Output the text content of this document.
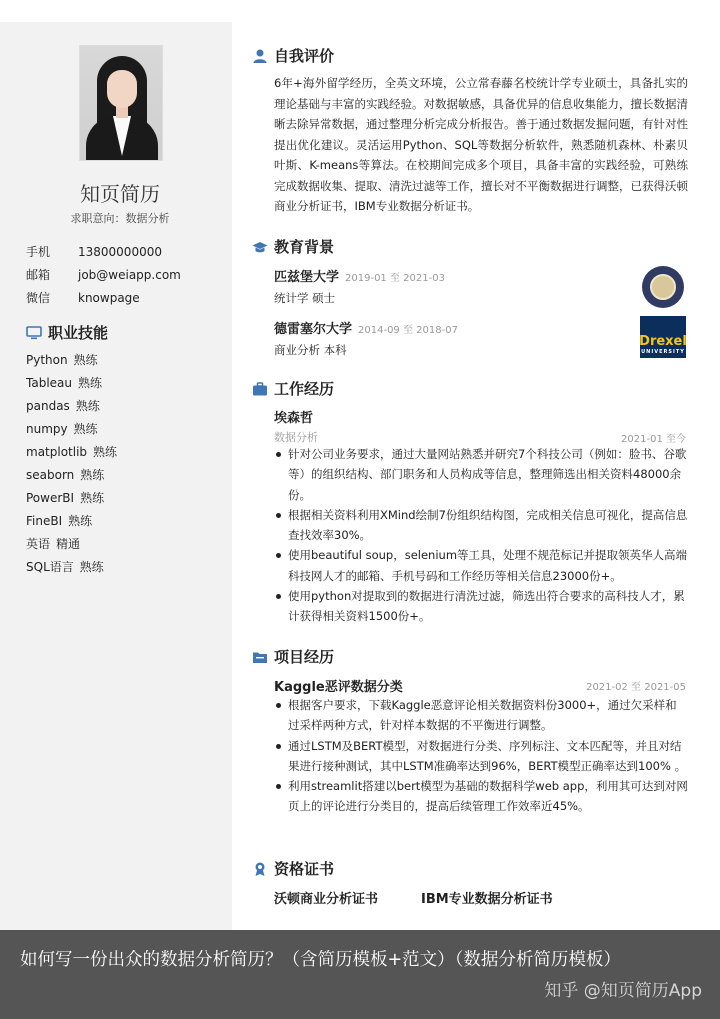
知页简历
求职意向：数据分析
手机 13800000000
邮箱 job@weiapp.com
微信 knowpage
职业技能
Python 熟练
Tableau 熟练
pandas 熟练
numpy 熟练
matplotlib 熟练
seaborn 熟练
PowerBI 熟练
FineBI 熟练
英语 精通
SQL语言 熟练
自我评价
6年+海外留学经历，全英文环境，公立常春藤名校统计学专业硕士，具备扎实的理论基础与丰富的实践经验。对数据敏感，具备优异的信息收集能力，擅长数据清晰去除异常数据，通过整理分析完成分析报告。善于通过数据发掘问题，有针对性提出优化建议。灵活运用Python、SQL等数据分析软件，熟悉随机森林、朴素贝叶斯、K-means等算法。在校期间完成多个项目，具备丰富的实践经验，可熟练完成数据收集、提取、清洗过滤等工作，擅长对不平衡数据进行调整，已获得沃顿商业分析证书，IBM专业数据分析证书。
教育背景
匹兹堡大学 2019-01 至 2021-03
统计学 硕士
德雷塞尔大学 2014-09 至 2018-07
商业分析 本科
Drexel
UNIVERSITY
工作经历
埃森哲
数据分析	2021-01 至今
针对公司业务要求，通过大量网站熟悉并研究7个科技公司（例如：脸书、谷歌等）的组织结构、部门职务和人员构成等信息，整理筛选出相关资料48000余份。
根据相关资料利用XMind绘制7份组织结构图，完成相关信息可视化，提高信息查找效率30%。
使用beautiful soup，selenium等工具，处理不规范标记并提取领英华人高端科技网人才的邮箱、手机号码和工作经历等相关信息23000份+。
使用python对提取到的数据进行清洗过滤，筛选出符合要求的高科技人才，累计获得相关资料1500份+。
项目经历
Kaggle恶评数据分类	2021-02 至 2021-05
根据客户要求，下载Kaggle恶意评论相关数据资料份3000+，通过欠采样和过采样两种方式，针对样本数据的不平衡进行调整。
通过LSTM及BERT模型，对数据进行分类、序列标注、文本匹配等，并且对结果进行接种测试，其中LSTM准确率达到96%，BERT模型正确率达到100% 。
利用streamlit搭建以bert模型为基础的数据科学web app，利用其可达到对网页上的评论进行分类目的，提高后续管理工作效率近45%。
资格证书
沃顿商业分析证书	IBM专业数据分析证书
如何写一份出众的数据分析简历？（含简历模板+范文）（数据分析简历模板）
知乎 @知页简历App
